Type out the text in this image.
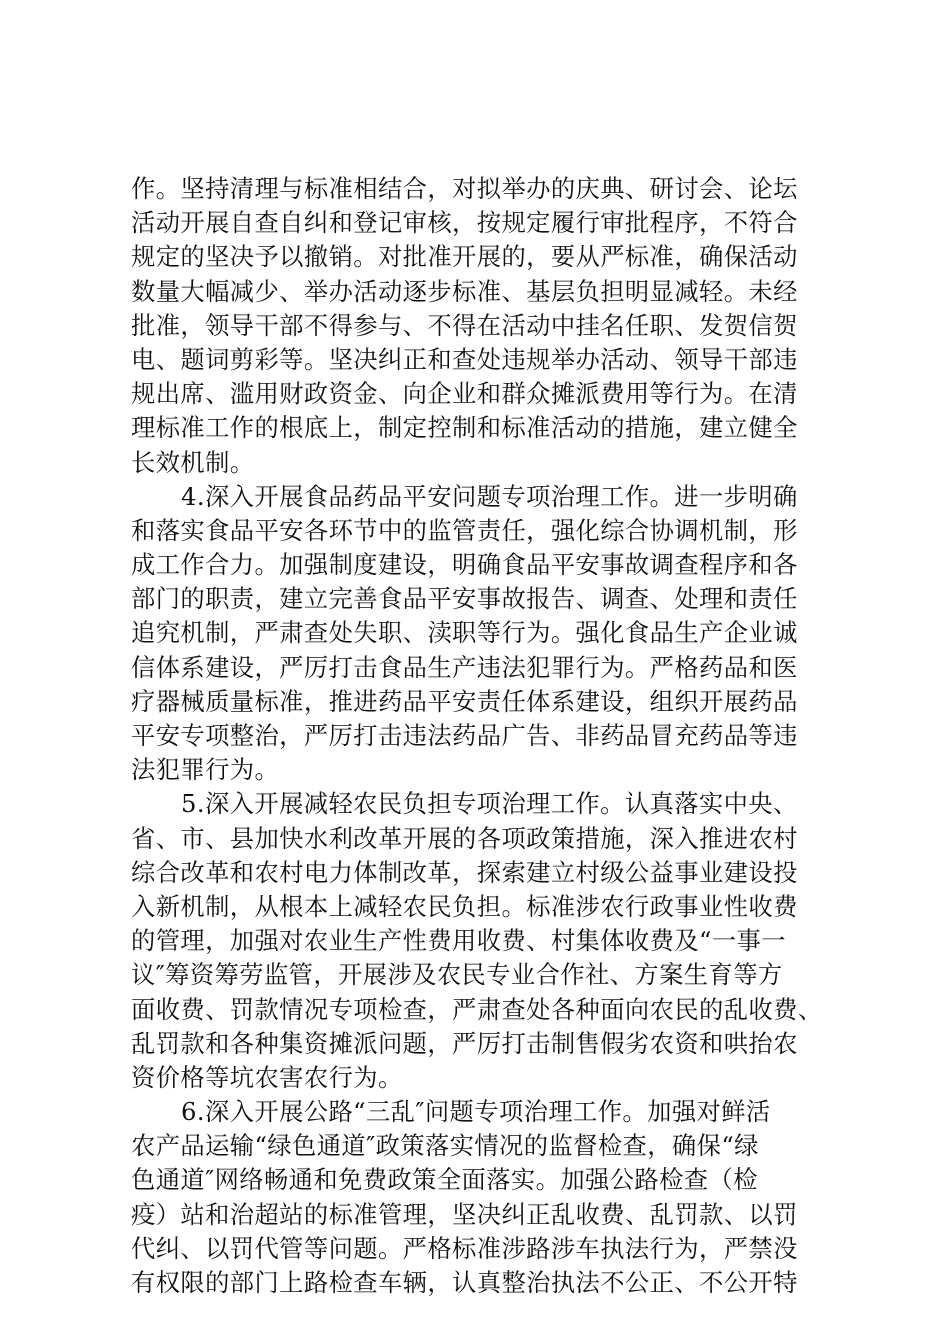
作。坚持清理与标准相结合，对拟举办的庆典、研讨会、论坛
活动开展自查自纠和登记审核，按规定履行审批程序，不符合
规定的坚决予以撤销。对批准开展的，要从严标准，确保活动
数量大幅减少、举办活动逐步标准、基层负担明显减轻。未经
批准，领导干部不得参与、不得在活动中挂名任职、发贺信贺
电、题词剪彩等。坚决纠正和查处违规举办活动、领导干部违
规出席、滥用财政资金、向企业和群众摊派费用等行为。在清
理标准工作的根底上，制定控制和标准活动的措施，建立健全
长效机制。
4.深入开展食品药品平安问题专项治理工作。进一步明确
和落实食品平安各环节中的监管责任，强化综合协调机制，形
成工作合力。加强制度建设，明确食品平安事故调查程序和各
部门的职责，建立完善食品平安事故报告、调查、处理和责任
追究机制，严肃查处失职、渎职等行为。强化食品生产企业诚
信体系建设，严厉打击食品生产违法犯罪行为。严格药品和医
疗器械质量标准，推进药品平安责任体系建设，组织开展药品
平安专项整治，严厉打击违法药品广告、非药品冒充药品等违
法犯罪行为。
5.深入开展减轻农民负担专项治理工作。认真落实中央、
省、市、县加快水利改革开展的各项政策措施，深入推进农村
综合改革和农村电力体制改革，探索建立村级公益事业建设投
入新机制，从根本上减轻农民负担。标准涉农行政事业性收费
的管理，加强对农业生产性费用收费、村集体收费及“一事一
议″筹资筹劳监管，开展涉及农民专业合作社、方案生育等方
面收费、罚款情况专项检查，严肃查处各种面向农民的乱收费、
乱罚款和各种集资摊派问题，严厉打击制售假劣农资和哄抬农
资价格等坑农害农行为。
6.深入开展公路“三乱″问题专项治理工作。加强对鲜活
农产品运输“绿色通道″政策落实情况的监督检查，确保“绿
色通道″网络畅通和免费政策全面落实。加强公路检查（检
疫）站和治超站的标准管理，坚决纠正乱收费、乱罚款、以罚
代纠、以罚代管等问题。严格标准涉路涉车执法行为，严禁没
有权限的部门上路检查车辆，认真整治执法不公正、不公开特
